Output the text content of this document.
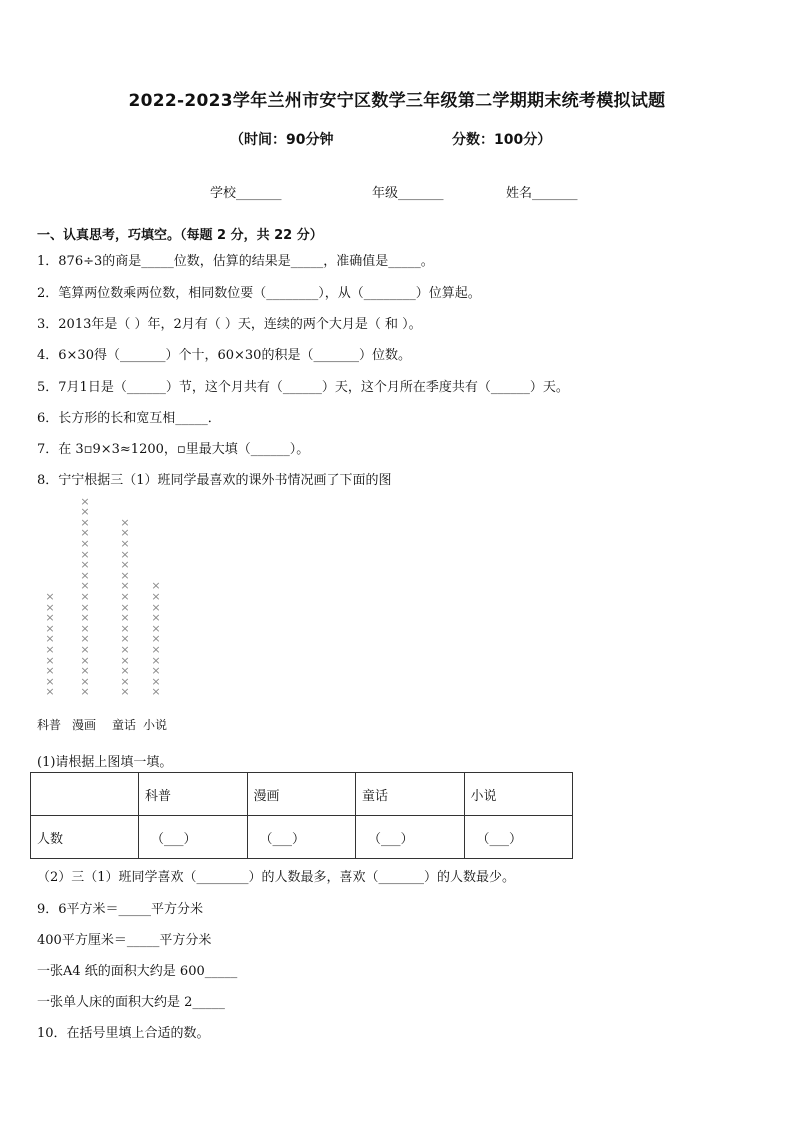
2022-2023学年兰州市安宁区数学三年级第二学期期末统考模拟试题
（时间：90分钟	分数：100分）
学校_______	年级_______	姓名_______
一、认真思考，巧填空。（每题 2 分，共 22 分）
1．876÷3的商是_____位数，估算的结果是_____，准确值是_____。
2．笔算两位数乘两位数，相同数位要（________），从（________）位算起。
3．2013年是（ ）年，2月有（ ）天，连续的两个大月是（ 和 ）。
4．6×30得（_______）个十，60×30的积是（_______）位数。
5．7月1日是（______）节，这个月共有（______）天，这个月所在季度共有（______）天。
6．长方形的长和宽互相_____．
7．在 3▫9×3≈1200，▫里最大填（______）。
8．宁宁根据三（1）班同学最喜欢的课外书情况画了下面的图
×
×
×
×
×
×
×
×
×
×
科普
×
×
×
×
×
×
×
×
×
×
×
×
×
×
×
×
×
×
×
漫画
×
×
×
×
×
×
×
×
×
×
×
×
×
×
×
×
×
童话
×
×
×
×
×
×
×
×
×
×
×
小说
(1)请根据上图填一填。
	科普	漫画	童话	小说
人数	（___）	（___）	（___）	（___）
（2）三（1）班同学喜欢（________）的人数最多，喜欢（_______）的人数最少。
9．6平方米＝_____平方分米
400平方厘米＝_____平方分米
一张A4 纸的面积大约是 600_____
一张单人床的面积大约是 2_____
10．在括号里填上合适的数。
